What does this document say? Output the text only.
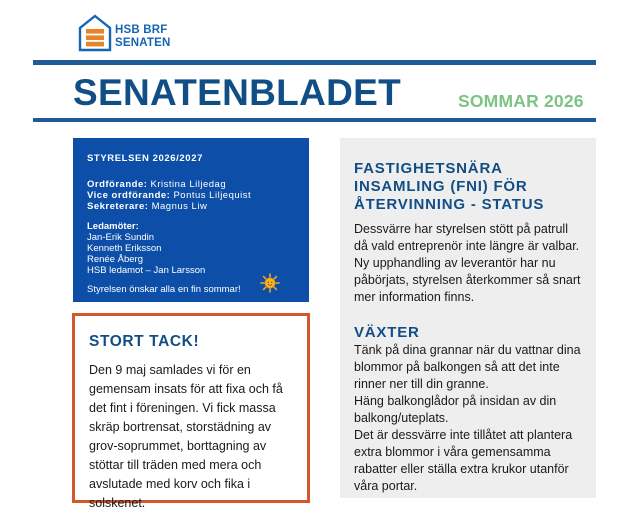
HSB BRF
SENATEN
SENATENBLADET	SOMMAR 2026
STYRELSEN 2026/2027
Ordförande: Kristina Liljedag
Vice ordförande: Pontus Liljequist
Sekreterare: Magnus Liw
Ledamöter:
Jan-Erik Sundin
Kenneth Eriksson
Renée Åberg
HSB ledamot – Jan Larsson
Styrelsen önskar alla en fin sommar!
STORT TACK!
Den 9 maj samlades vi för en gemensam insats för att fixa och få det fint i föreningen. Vi fick massa skräp bortrensat, storstädning av grov-soprummet, borttagning av stöttar till träden med mera och avslutade med korv och fika i solskenet.
FASTIGHETSNÄRA INSAMLING (FNI) FÖR ÅTERVINNING - STATUS
Dessvärre har styrelsen stött på patrull då vald entreprenör inte längre är valbar. Ny upphandling av leverantör har nu påbörjats, styrelsen återkommer så snart mer information finns.
VÄXTER
Tänk på dina grannar när du vattnar dina blommor på balkongen så att det inte rinner ner till din granne.
Häng balkonglådor på insidan av din balkong/uteplats.
Det är dessvärre inte tillåtet att plantera extra blommor i våra gemensamma rabatter eller ställa extra krukor utanför våra portar.
